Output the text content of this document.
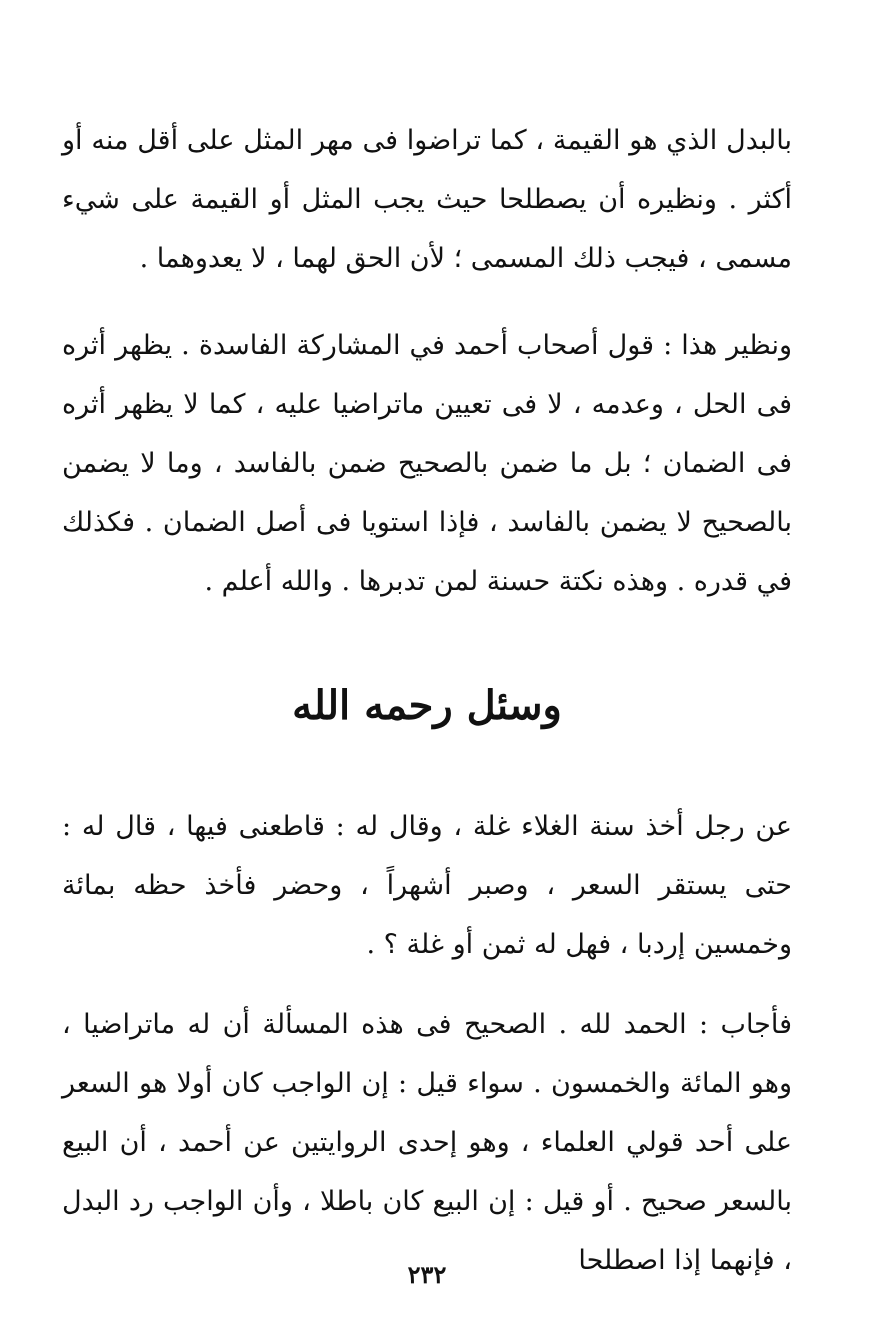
بالبدل الذي هو القيمة ، كما تراضوا فى مهر المثل على أقل منه أو أكثر . ونظيره أن يصطلحا حيث يجب المثل أو القيمة على شيء مسمى ، فيجب ذلك المسمى ؛ لأن الحق لهما ، لا يعدوهما .

ونظير هذا : قول أصحاب أحمد في المشاركة الفاسدة . يظهر أثره فى الحل ، وعدمه ، لا فى تعيين ماتراضيا عليه ، كما لا يظهر أثره فى الضمان ؛ بل ما ضمن بالصحيح ضمن بالفاسد ، وما لا يضمن بالصحيح لا يضمن بالفاسد ، فإذا استويا فى أصل الضمان . فكذلك في قدره . وهذه نكتة حسنة لمن تدبرها . والله أعلم .

وسئل رحمه الله

عن رجل أخذ سنة الغلاء غلة ، وقال له : قاطعنى فيها ، قال له : حتى يستقر السعر ، وصبر أشهراً ، وحضر فأخذ حظه بمائة وخمسين إردبا ، فهل له ثمن أو غلة ؟ .

فأجاب : الحمد لله . الصحيح فى هذه المسألة أن له ماتراضيا ، وهو المائة والخمسون . سواء قيل : إن الواجب كان أولا هو السعر على أحد قولي العلماء ، وهو إحدى الروايتين عن أحمد ، أن البيع بالسعر صحيح . أو قيل : إن البيع كان باطلا ، وأن الواجب رد البدل ، فإنهما إذا اصطلحا

٢٣٢
